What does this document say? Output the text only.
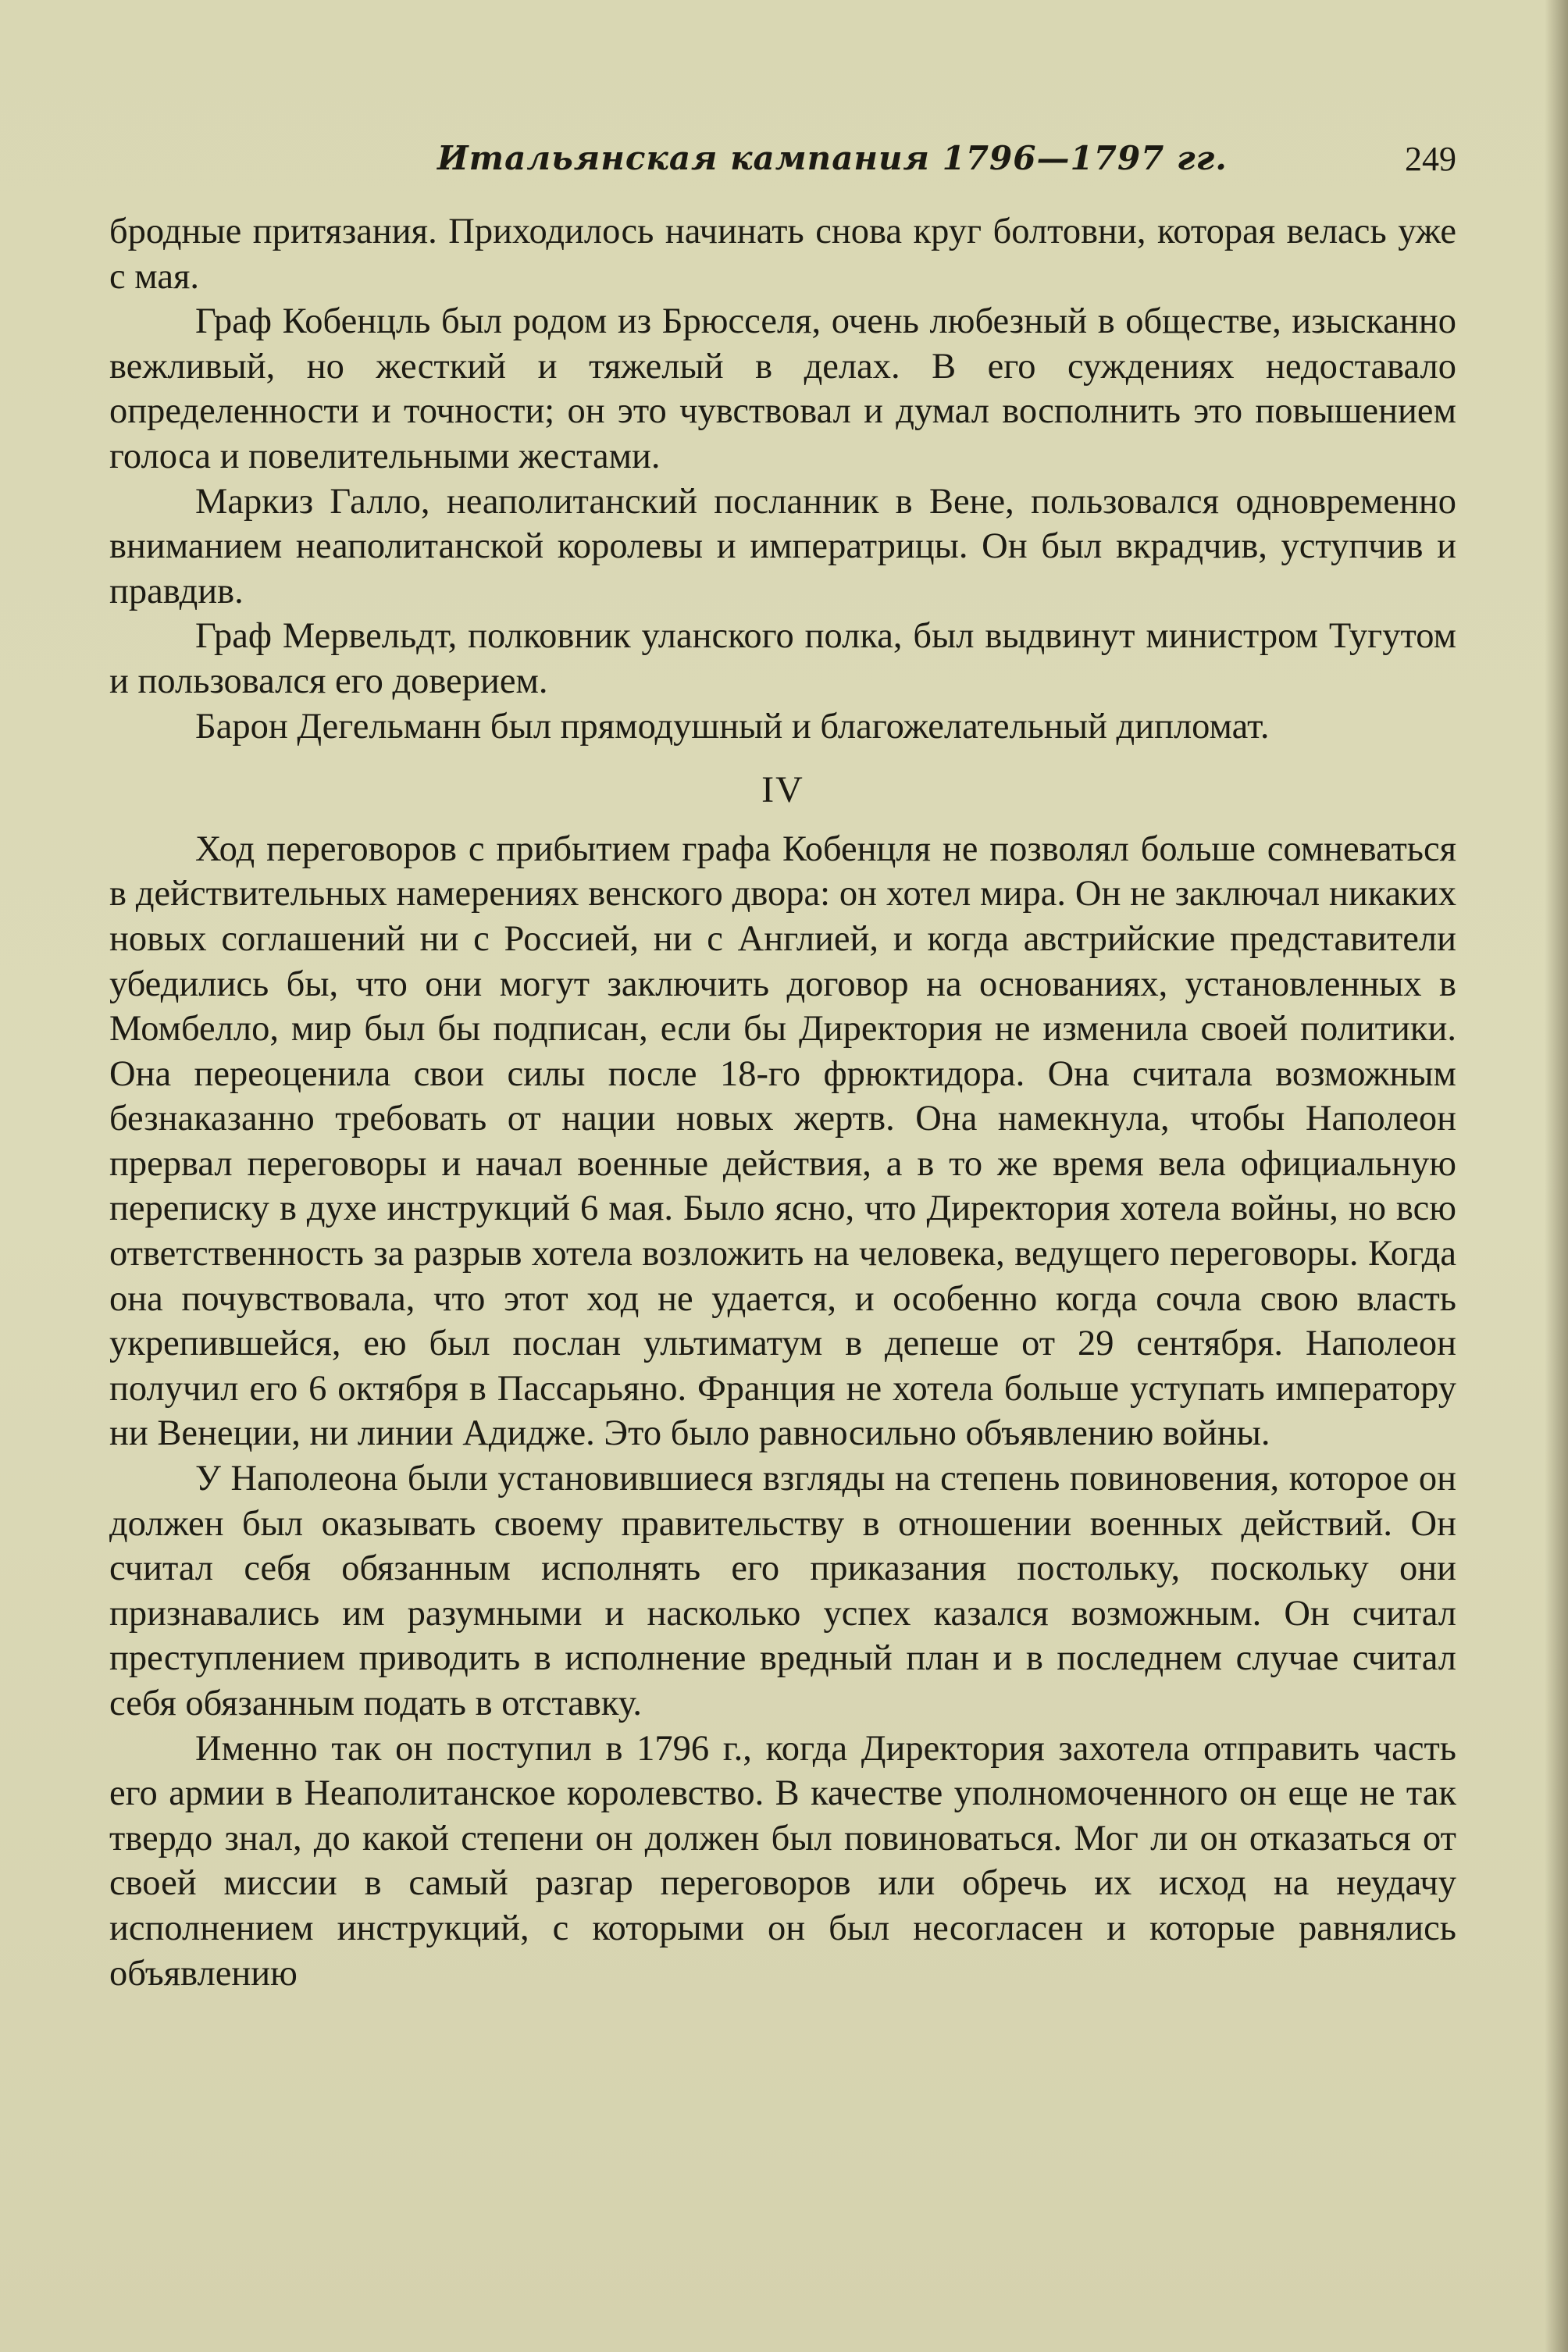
Итальянская кампания 1796—1797 гг.	249

бродные притязания. Приходилось начинать снова круг болтовни, которая велась уже с мая.

Граф Кобенцль был родом из Брюсселя, очень любезный в обществе, изысканно вежливый, но жесткий и тяжелый в делах. В его суждениях недоставало определенности и точности; он это чувствовал и думал восполнить это повышением голоса и повелительными жестами.

Маркиз Галло, неаполитанский посланник в Вене, пользовался одновременно вниманием неаполитанской королевы и императрицы. Он был вкрадчив, уступчив и правдив.

Граф Мервельдт, полковник уланского полка, был выдвинут министром Тугутом и пользовался его доверием.

Барон Дегельманн был прямодушный и благожелательный дипломат.

IV

Ход переговоров с прибытием графа Кобенцля не позволял больше сомневаться в действительных намерениях венского двора: он хотел мира. Он не заключал никаких новых соглашений ни с Россией, ни с Англией, и когда австрийские представители убедились бы, что они могут заключить договор на основаниях, установленных в Момбелло, мир был бы подписан, если бы Директория не изменила своей политики. Она переоценила свои силы после 18-го фрюктидора. Она считала возможным безнаказанно требовать от нации новых жертв. Она намекнула, чтобы Наполеон прервал переговоры и начал военные действия, а в то же время вела официальную переписку в духе инструкций 6 мая. Было ясно, что Директория хотела войны, но всю ответственность за разрыв хотела возложить на человека, ведущего переговоры. Когда она почувствовала, что этот ход не удается, и особенно когда сочла свою власть укрепившейся, ею был послан ультиматум в депеше от 29 сентября. Наполеон получил его 6 октября в Пассарьяно. Франция не хотела больше уступать императору ни Венеции, ни линии Адидже. Это было равносильно объявлению войны.

У Наполеона были установившиеся взгляды на степень повиновения, которое он должен был оказывать своему правительству в отношении военных действий. Он считал себя обязанным исполнять его приказания постольку, поскольку они признавались им разумными и насколько успех казался возможным. Он считал преступлением приводить в исполнение вредный план и в последнем случае считал себя обязанным подать в отставку.

Именно так он поступил в 1796 г., когда Директория захотела отправить часть его армии в Неаполитанское королевство. В качестве уполномоченного он еще не так твердо знал, до какой степени он должен был повиноваться. Мог ли он отказаться от своей миссии в самый разгар переговоров или обречь их исход на неудачу исполнением инструкций, с которыми он был несогласен и которые равнялись объявлению
